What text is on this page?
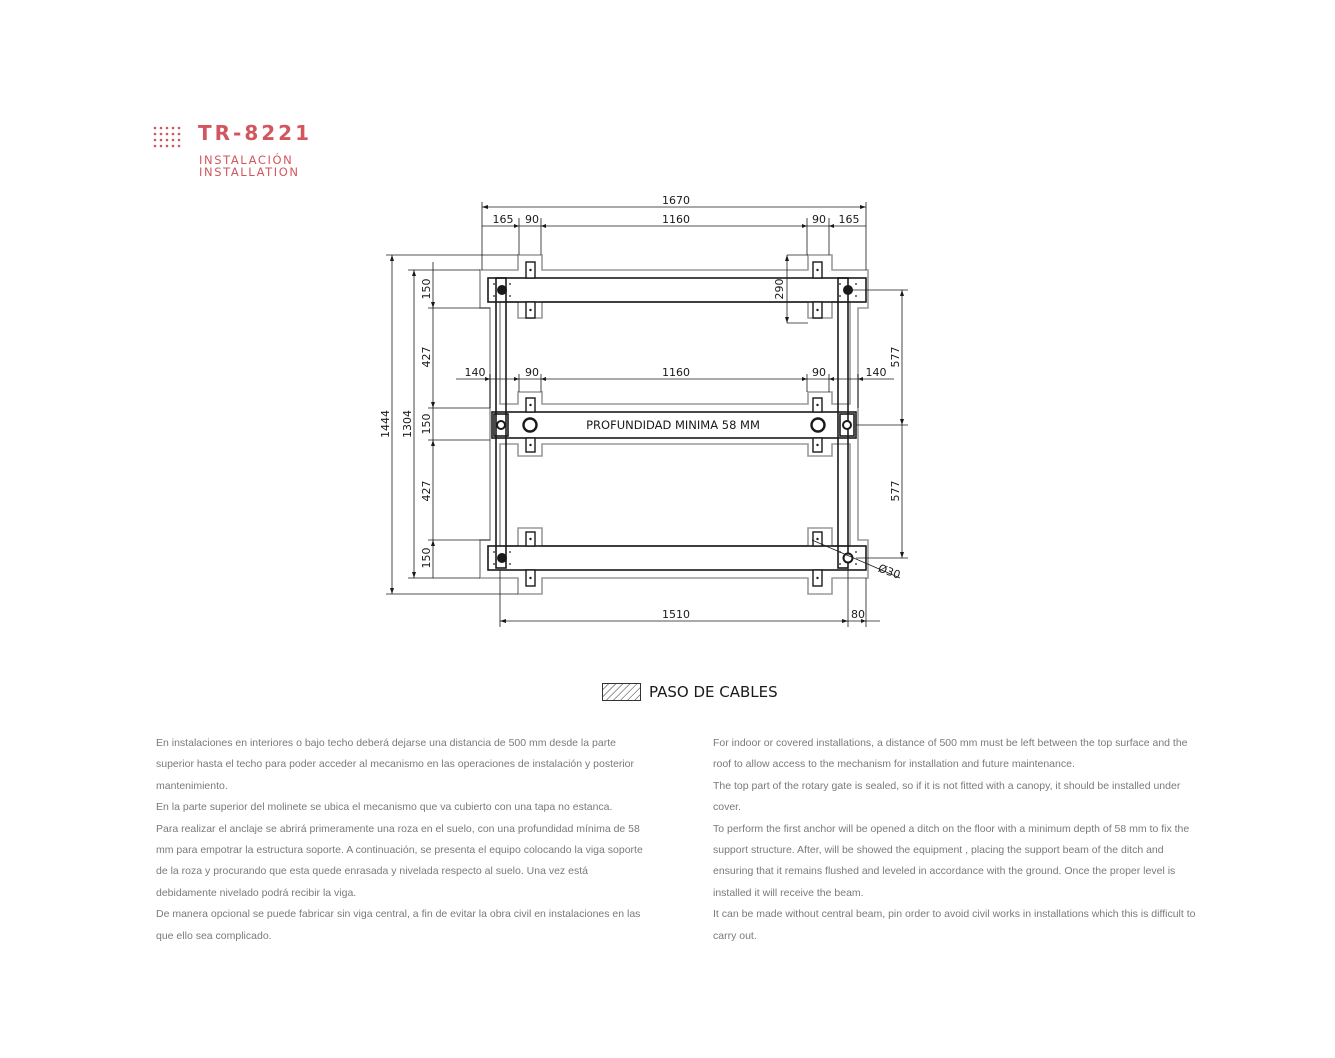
TR-8221
INSTALACIÓN
INSTALLATION
PROFUNDIDAD MINIMA 58 MM
1670
165 90	1160	90 165
140	90	1160	90	140
1444 1304
150
427
150
427
150
290
577
577
1510	80
Ø30
PASO DE CABLES

En instalaciones en interiores o bajo techo deberá dejarse una distancia de 500 mm desde la parte superior hasta el techo para poder acceder al mecanismo en las operaciones de instalación y posterior mantenimiento.

En la parte superior del molinete se ubica el mecanismo que va cubierto con una tapa no estanca.

Para realizar el anclaje se abrirá primeramente una roza en el suelo, con una profundidad mínima de 58 mm para empotrar la estructura soporte. A continuación, se presenta el equipo colocando la viga soporte de la roza y procurando que esta quede enrasada y nivelada respecto al suelo. Una vez está debidamente nivelado podrá recibir la viga.

De manera opcional se puede fabricar sin viga central, a fin de evitar la obra civil en instalaciones en las que ello sea complicado.

For indoor or covered installations, a distance of 500 mm must be left between the top surface and the roof to allow access to the mechanism for installation and future maintenance.

The top part of the rotary gate is sealed, so if it is not fitted with a canopy, it should be installed under cover.

To perform the first anchor will be opened a ditch on the floor with a minimum depth of 58 mm to fix the support structure. After, will be showed the equipment , placing the support beam of the ditch and ensuring that it remains flushed and leveled in accordance with the ground. Once the proper level is installed it will receive the beam.

It can be made without central beam, pin order to avoid civil works in installations which this is difficult to carry out.
